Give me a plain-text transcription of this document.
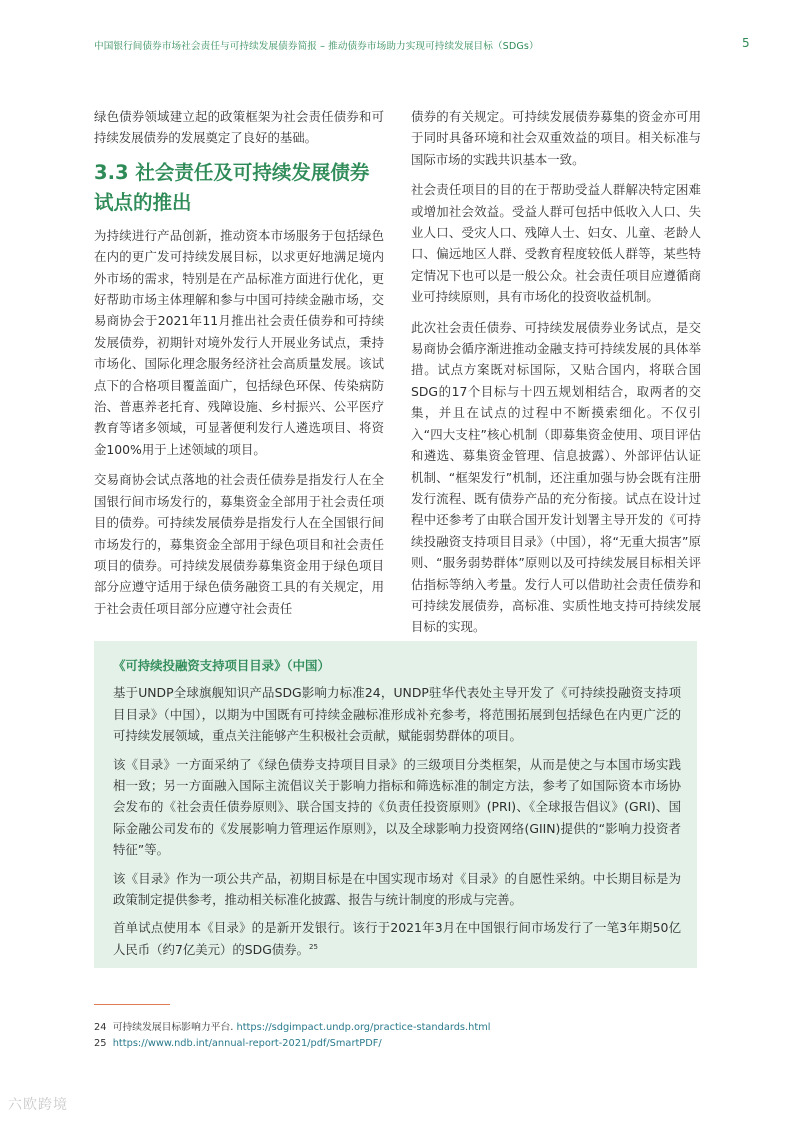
中国银行间债券市场社会责任与可持续发展债券简报 – 推动债券市场助力实现可持续发展目标（SDGs）	5

绿色债券领域建立起的政策框架为社会责任债券和可持续发展债券的发展奠定了良好的基础。

3.3 社会责任及可持续发展债券试点的推出

为持续进行产品创新，推动资本市场服务于包括绿色在内的更广发可持续发展目标，以求更好地满足境内外市场的需求，特别是在产品标准方面进行优化，更好帮助市场主体理解和参与中国可持续金融市场，交易商协会于2021年11月推出社会责任债券和可持续发展债券，初期针对境外发行人开展业务试点，秉持市场化、国际化理念服务经济社会高质量发展。该试点下的合格项目覆盖面广，包括绿色环保、传染病防治、普惠养老托育、残障设施、乡村振兴、公平医疗教育等诸多领域，可显著便利发行人遴选项目、将资金100%用于上述领域的项目。

交易商协会试点落地的社会责任债券是指发行人在全国银行间市场发行的，募集资金全部用于社会责任项目的债券。可持续发展债券是指发行人在全国银行间市场发行的，募集资金全部用于绿色项目和社会责任项目的债券。可持续发展债券募集资金用于绿色项目部分应遵守适用于绿色债务融资工具的有关规定，用于社会责任项目部分应遵守社会责任

债券的有关规定。可持续发展债券募集的资金亦可用于同时具备环境和社会双重效益的项目。相关标准与国际市场的实践共识基本一致。

社会责任项目的目的在于帮助受益人群解决特定困难或增加社会效益。受益人群可包括中低收入人口、失业人口、受灾人口、残障人士、妇女、儿童、老龄人口、偏远地区人群、受教育程度较低人群等，某些特定情况下也可以是一般公众。社会责任项目应遵循商业可持续原则，具有市场化的投资收益机制。

此次社会责任债券、可持续发展债券业务试点，是交易商协会循序渐进推动金融支持可持续发展的具体举措。试点方案既对标国际，又贴合国内，将联合国SDG的17个目标与十四五规划相结合，取两者的交集，并且在试点的过程中不断摸索细化。不仅引入“四大支柱”核心机制（即募集资金使用、项目评估和遴选、募集资金管理、信息披露）、外部评估认证机制、“框架发行”机制，还注重加强与协会既有注册发行流程、既有债券产品的充分衔接。试点在设计过程中还参考了由联合国开发计划署主导开发的《可持续投融资支持项目目录》（中国），将“无重大损害”原则、“服务弱势群体”原则以及可持续发展目标相关评估指标等纳入考量。发行人可以借助社会责任债券和可持续发展债券，高标准、实质性地支持可持续发展目标的实现。

《可持续投融资支持项目目录》（中国）

基于UNDP全球旗舰知识产品SDG影响力标准24，UNDP驻华代表处主导开发了《可持续投融资支持项目目录》（中国），以期为中国既有可持续金融标准形成补充参考，将范围拓展到包括绿色在内更广泛的可持续发展领域，重点关注能够产生积极社会贡献，赋能弱势群体的项目。

该《目录》一方面采纳了《绿色债券支持项目目录》的三级项目分类框架，从而是使之与本国市场实践相一致；另一方面融入国际主流倡议关于影响力指标和筛选标准的制定方法，参考了如国际资本市场协会发布的《社会责任债券原则》、联合国支持的《负责任投资原则》(PRI)、《全球报告倡议》(GRI)、国际金融公司发布的《发展影响力管理运作原则》，以及全球影响力投资网络(GIIN)提供的“影响力投资者特征”等。

该《目录》作为一项公共产品，初期目标是在中国实现市场对《目录》的自愿性采纳。中长期目标是为政策制定提供参考，推动相关标准化披露、报告与统计制度的形成与完善。

首单试点使用本《目录》的是新开发银行。该行于2021年3月在中国银行间市场发行了一笔3年期50亿人民币（约7亿美元）的SDG债券。$^{25}$

24 可持续发展目标影响力平台. https://sdgimpact.undp.org/practice-standards.html
25 https://www.ndb.int/annual-report-2021/pdf/SmartPDF/
六欧跨境
